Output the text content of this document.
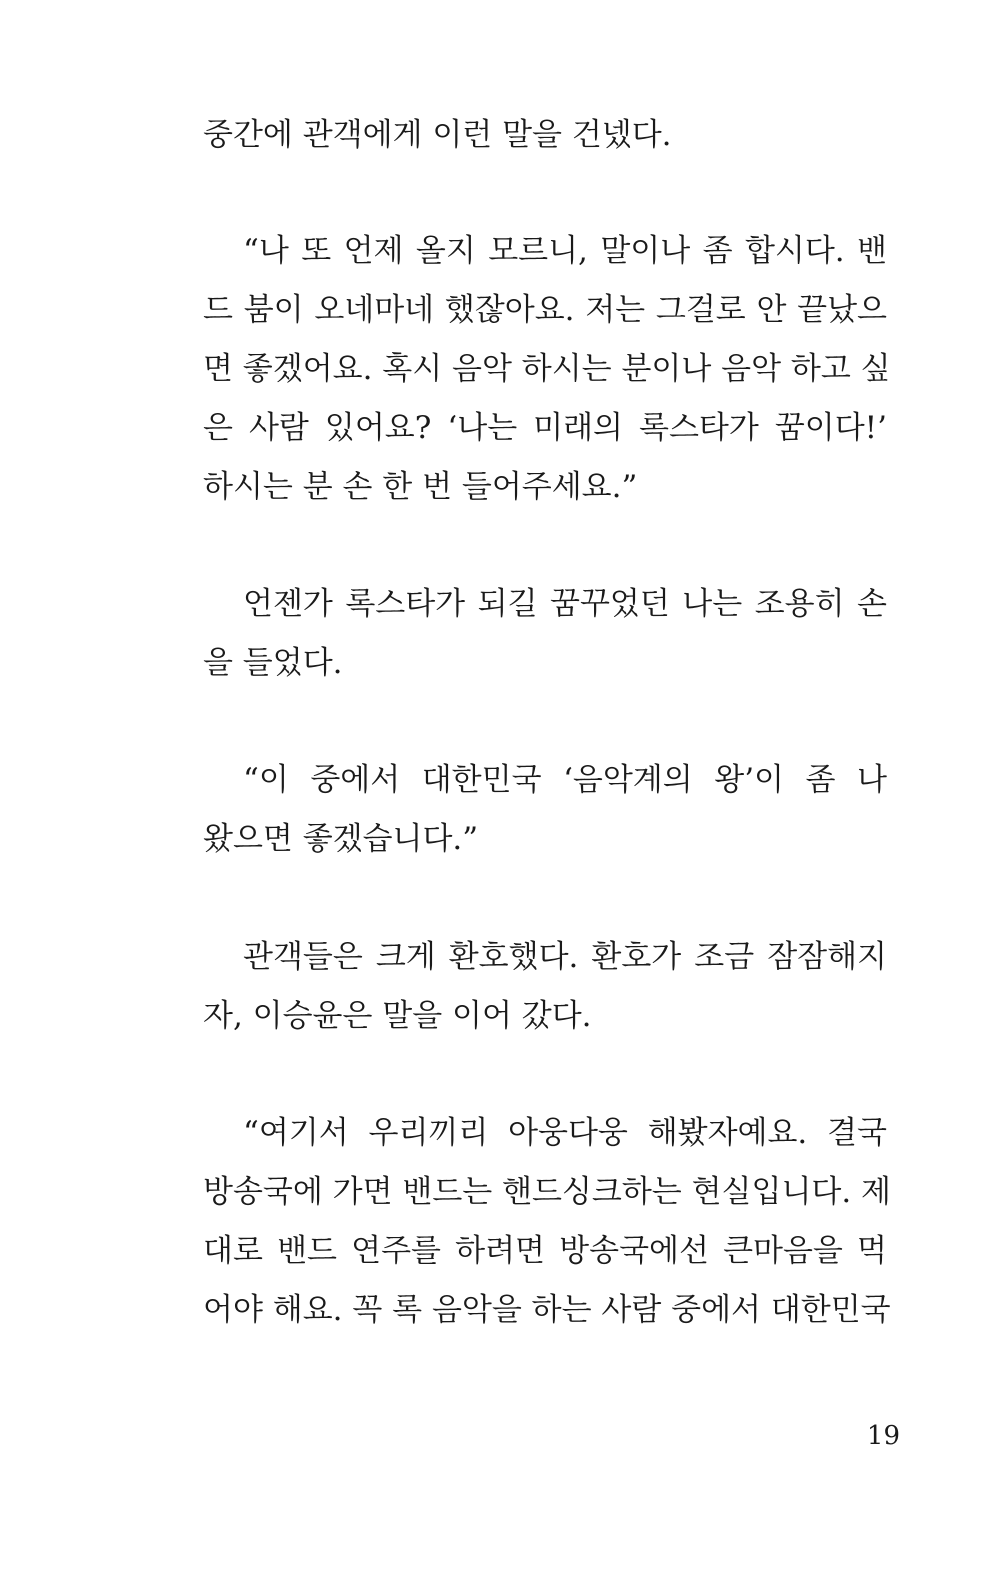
중간에 관객에게 이런 말을 건넸다.
“나 또 언제 올지 모르니, 말이나 좀 합시다. 밴
드 붐이 오네마네 했잖아요. 저는 그걸로 안 끝났으
면 좋겠어요. 혹시 음악 하시는 분이나 음악 하고 싶
은 사람 있어요? ‘나는 미래의 록스타가 꿈이다!’
하시는 분 손 한 번 들어주세요.”
언젠가 록스타가 되길 꿈꾸었던 나는 조용히 손
을 들었다.
“이 중에서 대한민국 ‘음악계의 왕’이 좀 나
왔으면 좋겠습니다.”
관객들은 크게 환호했다. 환호가 조금 잠잠해지
자, 이승윤은 말을 이어 갔다.
“여기서 우리끼리 아웅다웅 해봤자예요. 결국
방송국에 가면 밴드는 핸드싱크하는 현실입니다. 제
대로 밴드 연주를 하려면 방송국에선 큰마음을 먹
어야 해요. 꼭 록 음악을 하는 사람 중에서 대한민국
19
